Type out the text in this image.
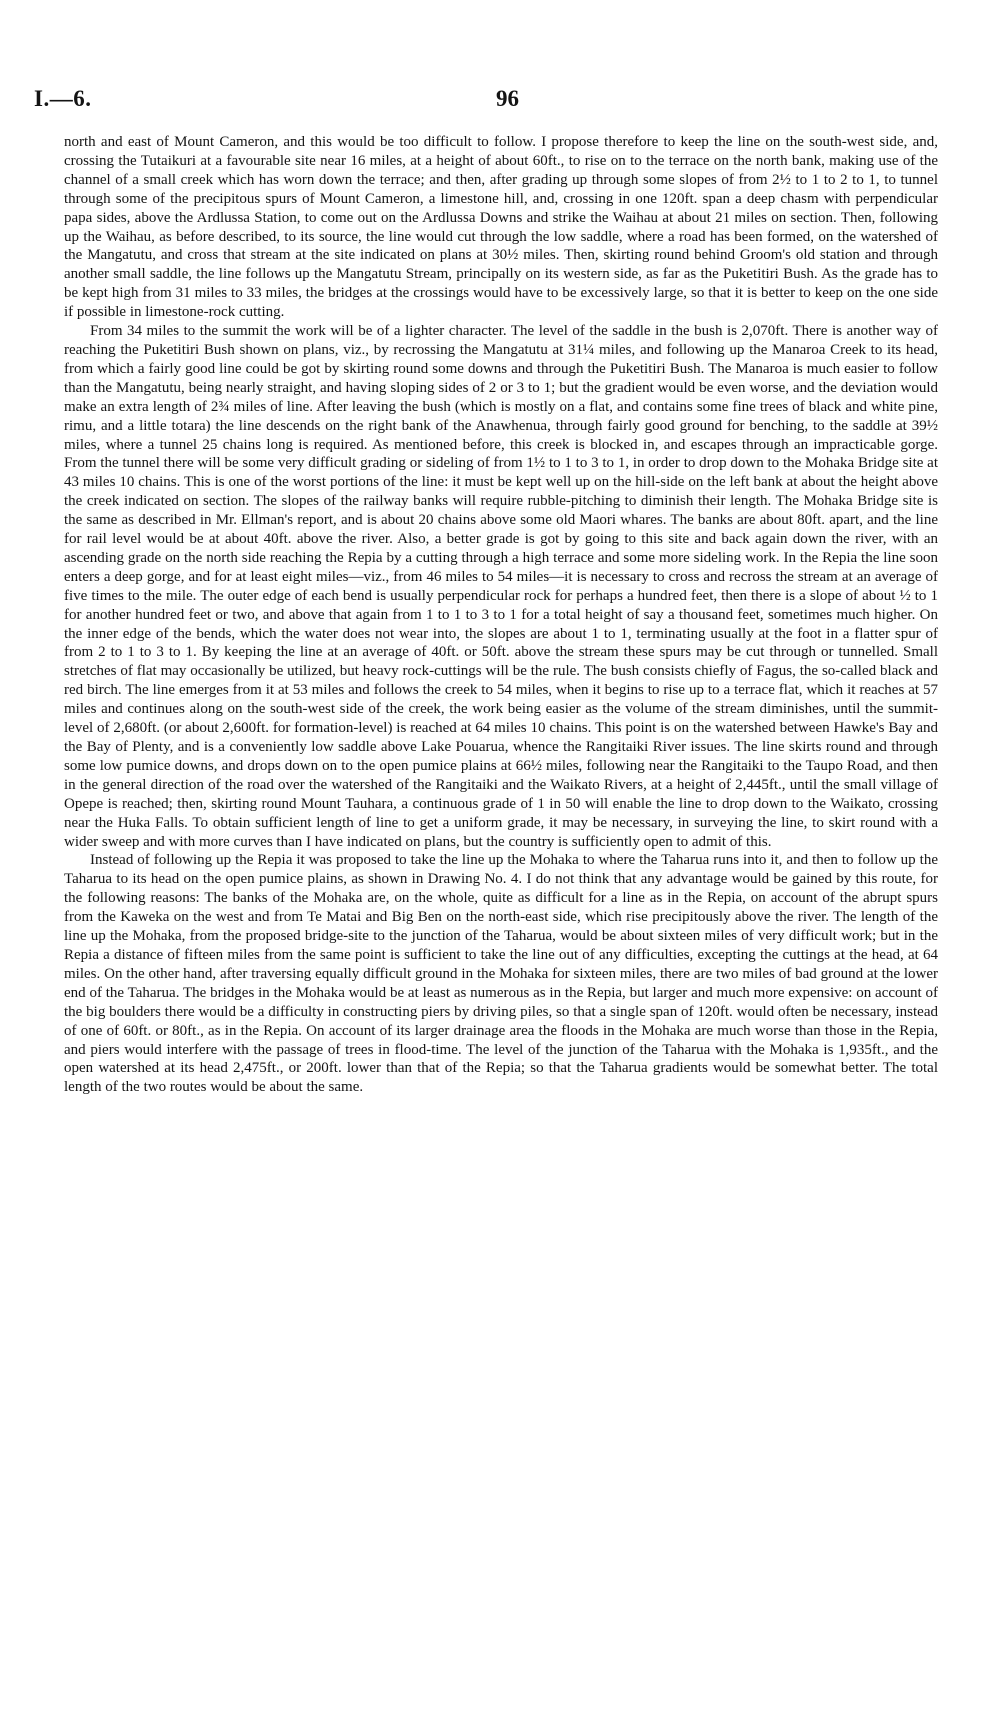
I.—6.	96

north and east of Mount Cameron, and this would be too difficult to follow. I propose therefore to keep the line on the south-west side, and, crossing the Tutaikuri at a favourable site near 16 miles, at a height of about 60ft., to rise on to the terrace on the north bank, making use of the channel of a small creek which has worn down the terrace; and then, after grading up through some slopes of from 2½ to 1 to 2 to 1, to tunnel through some of the precipitous spurs of Mount Cameron, a limestone hill, and, crossing in one 120ft. span a deep chasm with perpendicular papa sides, above the Ardlussa Station, to come out on the Ardlussa Downs and strike the Waihau at about 21 miles on section. Then, following up the Waihau, as before described, to its source, the line would cut through the low saddle, where a road has been formed, on the watershed of the Mangatutu, and cross that stream at the site indicated on plans at 30½ miles. Then, skirting round behind Groom's old station and through another small saddle, the line follows up the Mangatutu Stream, principally on its western side, as far as the Puketitiri Bush. As the grade has to be kept high from 31 miles to 33 miles, the bridges at the crossings would have to be excessively large, so that it is better to keep on the one side if possible in limestone-rock cutting.

From 34 miles to the summit the work will be of a lighter character. The level of the saddle in the bush is 2,070ft. There is another way of reaching the Puketitiri Bush shown on plans, viz., by recrossing the Mangatutu at 31¼ miles, and following up the Manaroa Creek to its head, from which a fairly good line could be got by skirting round some downs and through the Puketitiri Bush. The Manaroa is much easier to follow than the Mangatutu, being nearly straight, and having sloping sides of 2 or 3 to 1; but the gradient would be even worse, and the deviation would make an extra length of 2¾ miles of line. After leaving the bush (which is mostly on a flat, and contains some fine trees of black and white pine, rimu, and a little totara) the line descends on the right bank of the Anawhenua, through fairly good ground for benching, to the saddle at 39½ miles, where a tunnel 25 chains long is required. As mentioned before, this creek is blocked in, and escapes through an impracticable gorge. From the tunnel there will be some very difficult grading or sideling of from 1½ to 1 to 3 to 1, in order to drop down to the Mohaka Bridge site at 43 miles 10 chains. This is one of the worst portions of the line: it must be kept well up on the hill-side on the left bank at about the height above the creek indicated on section. The slopes of the railway banks will require rubble-pitching to diminish their length. The Mohaka Bridge site is the same as described in Mr. Ellman's report, and is about 20 chains above some old Maori whares. The banks are about 80ft. apart, and the line for rail level would be at about 40ft. above the river. Also, a better grade is got by going to this site and back again down the river, with an ascending grade on the north side reaching the Repia by a cutting through a high terrace and some more sideling work. In the Repia the line soon enters a deep gorge, and for at least eight miles—viz., from 46 miles to 54 miles—it is necessary to cross and recross the stream at an average of five times to the mile. The outer edge of each bend is usually perpendicular rock for perhaps a hundred feet, then there is a slope of about ½ to 1 for another hundred feet or two, and above that again from 1 to 1 to 3 to 1 for a total height of say a thousand feet, sometimes much higher. On the inner edge of the bends, which the water does not wear into, the slopes are about 1 to 1, terminating usually at the foot in a flatter spur of from 2 to 1 to 3 to 1. By keeping the line at an average of 40ft. or 50ft. above the stream these spurs may be cut through or tunnelled. Small stretches of flat may occasionally be utilized, but heavy rock-cuttings will be the rule. The bush consists chiefly of Fagus, the so-called black and red birch. The line emerges from it at 53 miles and follows the creek to 54 miles, when it begins to rise up to a terrace flat, which it reaches at 57 miles and continues along on the south-west side of the creek, the work being easier as the volume of the stream diminishes, until the summit-level of 2,680ft. (or about 2,600ft. for formation-level) is reached at 64 miles 10 chains. This point is on the watershed between Hawke's Bay and the Bay of Plenty, and is a conveniently low saddle above Lake Pouarua, whence the Rangitaiki River issues. The line skirts round and through some low pumice downs, and drops down on to the open pumice plains at 66½ miles, following near the Rangitaiki to the Taupo Road, and then in the general direction of the road over the watershed of the Rangitaiki and the Waikato Rivers, at a height of 2,445ft., until the small village of Opepe is reached; then, skirting round Mount Tauhara, a continuous grade of 1 in 50 will enable the line to drop down to the Waikato, crossing near the Huka Falls. To obtain sufficient length of line to get a uniform grade, it may be necessary, in surveying the line, to skirt round with a wider sweep and with more curves than I have indicated on plans, but the country is sufficiently open to admit of this.

Instead of following up the Repia it was proposed to take the line up the Mohaka to where the Taharua runs into it, and then to follow up the Taharua to its head on the open pumice plains, as shown in Drawing No. 4. I do not think that any advantage would be gained by this route, for the following reasons: The banks of the Mohaka are, on the whole, quite as difficult for a line as in the Repia, on account of the abrupt spurs from the Kaweka on the west and from Te Matai and Big Ben on the north-east side, which rise precipitously above the river. The length of the line up the Mohaka, from the proposed bridge-site to the junction of the Taharua, would be about sixteen miles of very difficult work; but in the Repia a distance of fifteen miles from the same point is sufficient to take the line out of any difficulties, excepting the cuttings at the head, at 64 miles. On the other hand, after traversing equally difficult ground in the Mohaka for sixteen miles, there are two miles of bad ground at the lower end of the Taharua. The bridges in the Mohaka would be at least as numerous as in the Repia, but larger and much more expensive: on account of the big boulders there would be a difficulty in constructing piers by driving piles, so that a single span of 120ft. would often be necessary, instead of one of 60ft. or 80ft., as in the Repia. On account of its larger drainage area the floods in the Mohaka are much worse than those in the Repia, and piers would interfere with the passage of trees in flood-time. The level of the junction of the Taharua with the Mohaka is 1,935ft., and the open watershed at its head 2,475ft., or 200ft. lower than that of the Repia; so that the Taharua gradients would be somewhat better. The total length of the two routes would be about the same.
